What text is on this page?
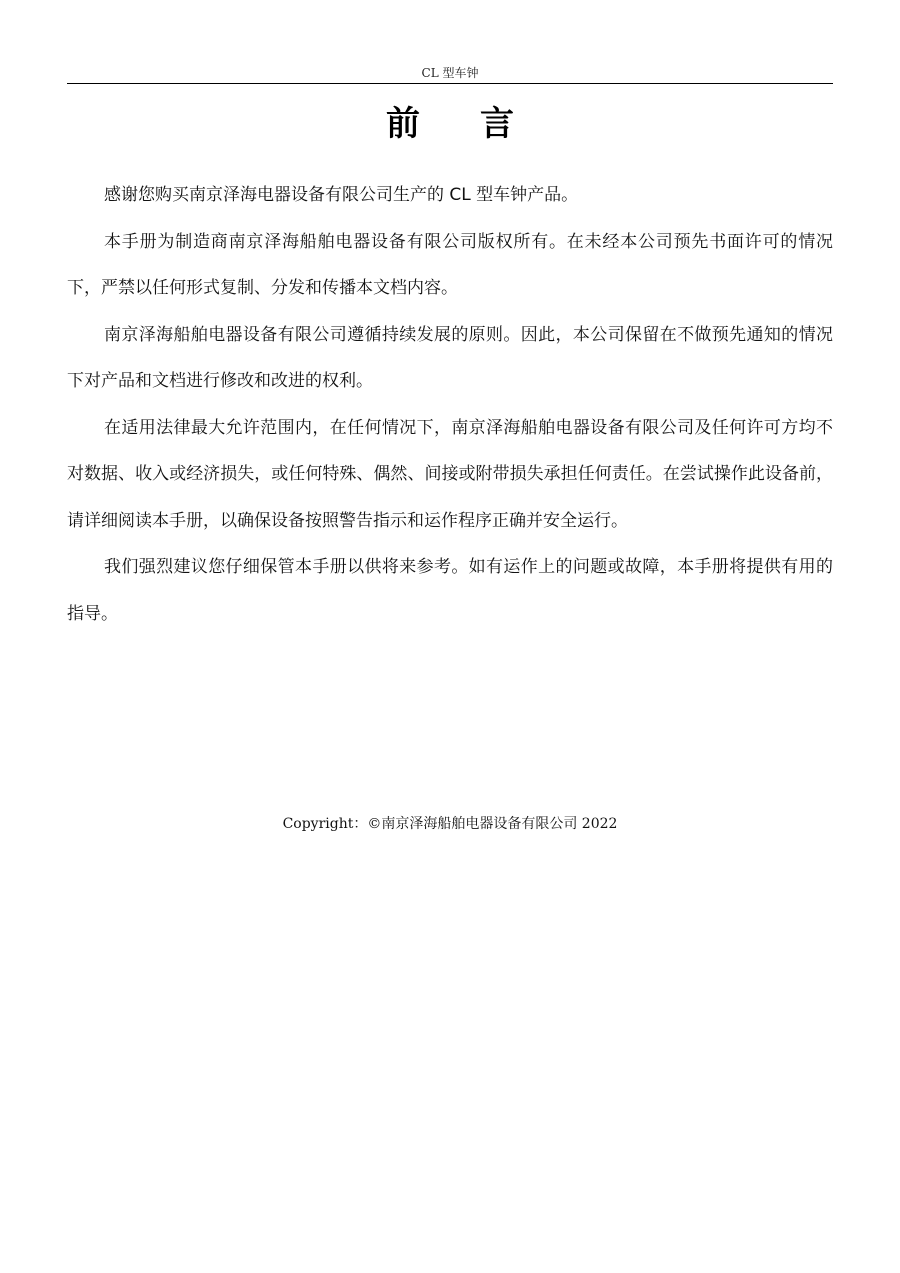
CL 型车钟
前 言

感谢您购买南京泽海电器设备有限公司生产的 CL 型车钟产品。

本手册为制造商南京泽海船舶电器设备有限公司版权所有。在未经本公司预先书面许可的情况下，严禁以任何形式复制、分发和传播本文档内容。

南京泽海船舶电器设备有限公司遵循持续发展的原则。因此，本公司保留在不做预先通知的情况下对产品和文档进行修改和改进的权利。

在适用法律最大允许范围内，在任何情况下，南京泽海船舶电器设备有限公司及任何许可方均不对数据、收入或经济损失，或任何特殊、偶然、间接或附带损失承担任何责任。在尝试操作此设备前，请详细阅读本手册，以确保设备按照警告指示和运作程序正确并安全运行。

我们强烈建议您仔细保管本手册以供将来参考。如有运作上的问题或故障，本手册将提供有用的指导。

Copyright：©南京泽海船舶电器设备有限公司 2022
